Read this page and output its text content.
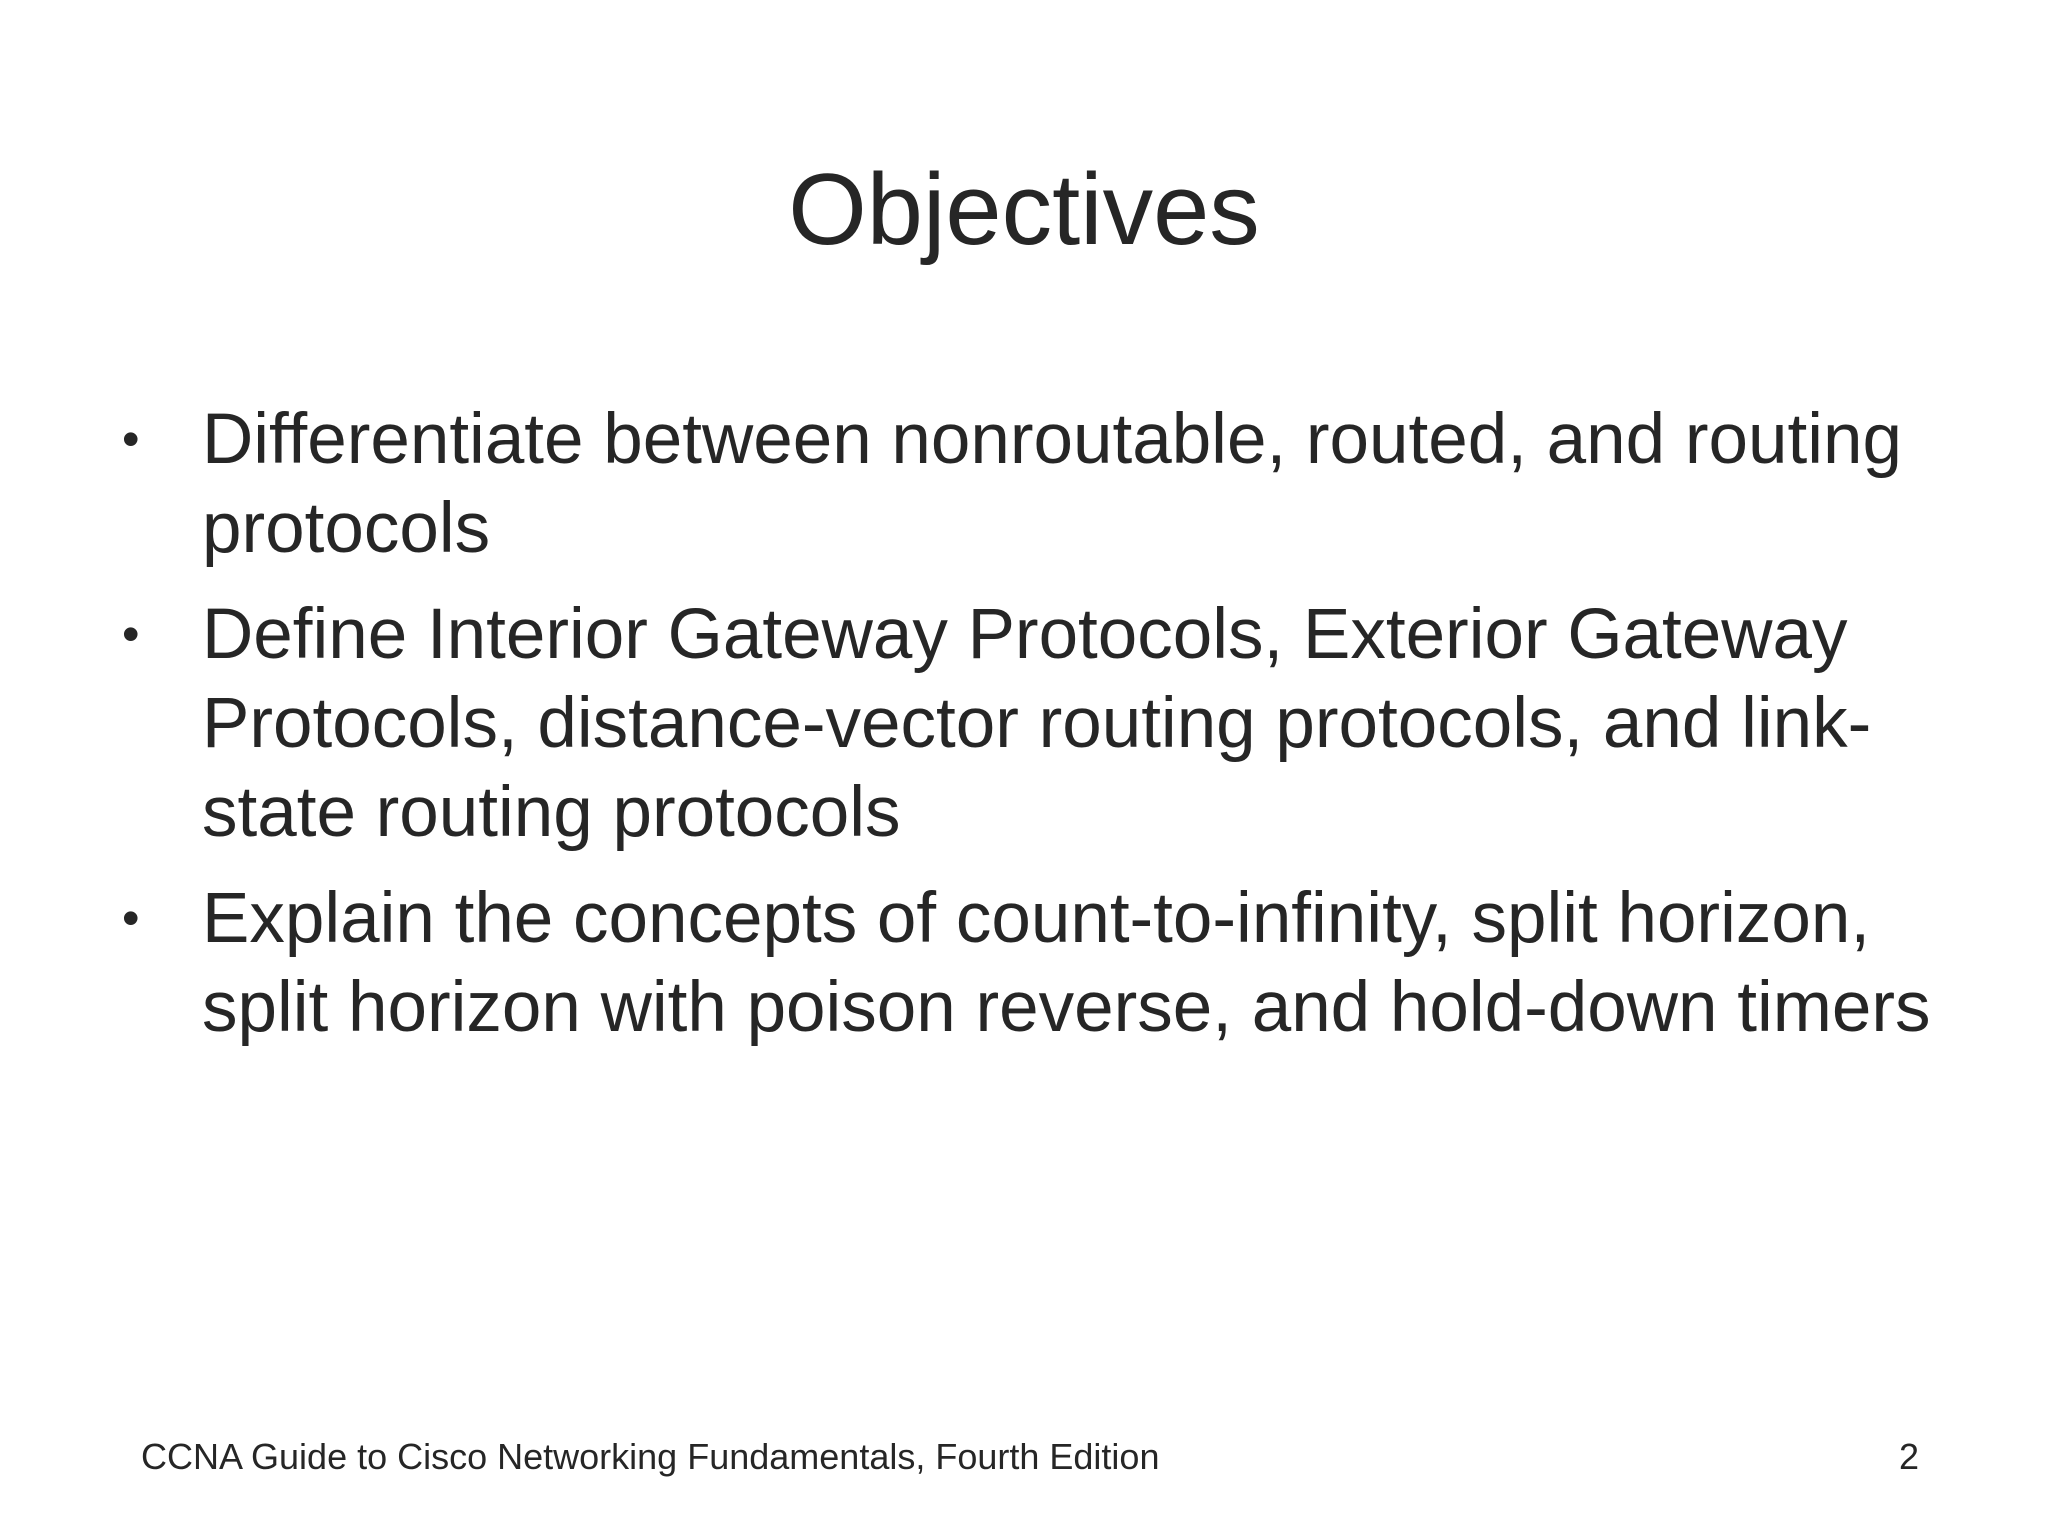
Objectives
• Differentiate between nonroutable, routed, and routing protocols
• Define Interior Gateway Protocols, Exterior Gateway Protocols, distance-vector routing protocols, and link-state routing protocols
• Explain the concepts of count-to-infinity, split horizon, split horizon with poison reverse, and hold-down timers
CCNA Guide to Cisco Networking Fundamentals, Fourth Edition	2
